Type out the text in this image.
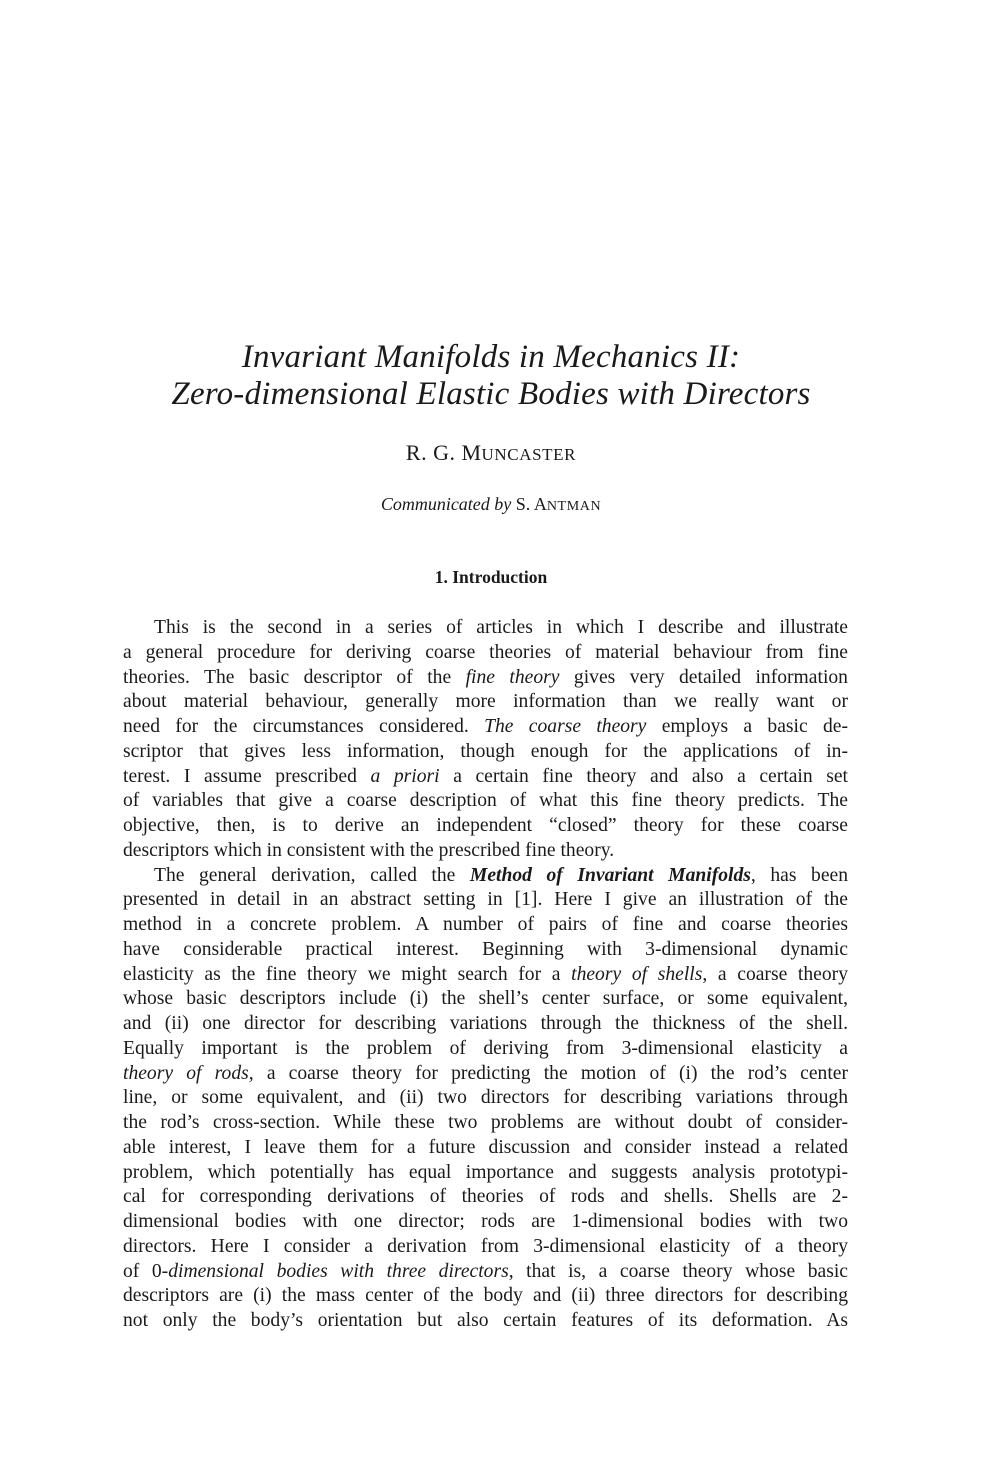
Invariant Manifolds in Mechanics II:
Zero-dimensional Elastic Bodies with Directors
R. G. MUNCASTER
Communicated by S. ANTMAN
1. Introduction
This is the second in a series of articles in which I describe and illustrate
a general procedure for deriving coarse theories of material behaviour from fine
theories. The basic descriptor of the fine theory gives very detailed information
about material behaviour, generally more information than we really want or
need for the circumstances considered. The coarse theory employs a basic de-
scriptor that gives less information, though enough for the applications of in-
terest. I assume prescribed a priori a certain fine theory and also a certain set
of variables that give a coarse description of what this fine theory predicts. The
objective, then, is to derive an independent “closed” theory for these coarse
descriptors which in consistent with the prescribed fine theory.
The general derivation, called the Method of Invariant Manifolds, has been
presented in detail in an abstract setting in [1]. Here I give an illustration of the
method in a concrete problem. A number of pairs of fine and coarse theories
have considerable practical interest. Beginning with 3-dimensional dynamic
elasticity as the fine theory we might search for a theory of shells, a coarse theory
whose basic descriptors include (i) the shell’s center surface, or some equivalent,
and (ii) one director for describing variations through the thickness of the shell.
Equally important is the problem of deriving from 3-dimensional elasticity a
theory of rods, a coarse theory for predicting the motion of (i) the rod’s center
line, or some equivalent, and (ii) two directors for describing variations through
the rod’s cross-section. While these two problems are without doubt of consider-
able interest, I leave them for a future discussion and consider instead a related
problem, which potentially has equal importance and suggests analysis prototypi-
cal for corresponding derivations of theories of rods and shells. Shells are 2-
dimensional bodies with one director; rods are 1-dimensional bodies with two
directors. Here I consider a derivation from 3-dimensional elasticity of a theory
of 0-dimensional bodies with three directors, that is, a coarse theory whose basic
descriptors are (i) the mass center of the body and (ii) three directors for describing
not only the body’s orientation but also certain features of its deformation. As
